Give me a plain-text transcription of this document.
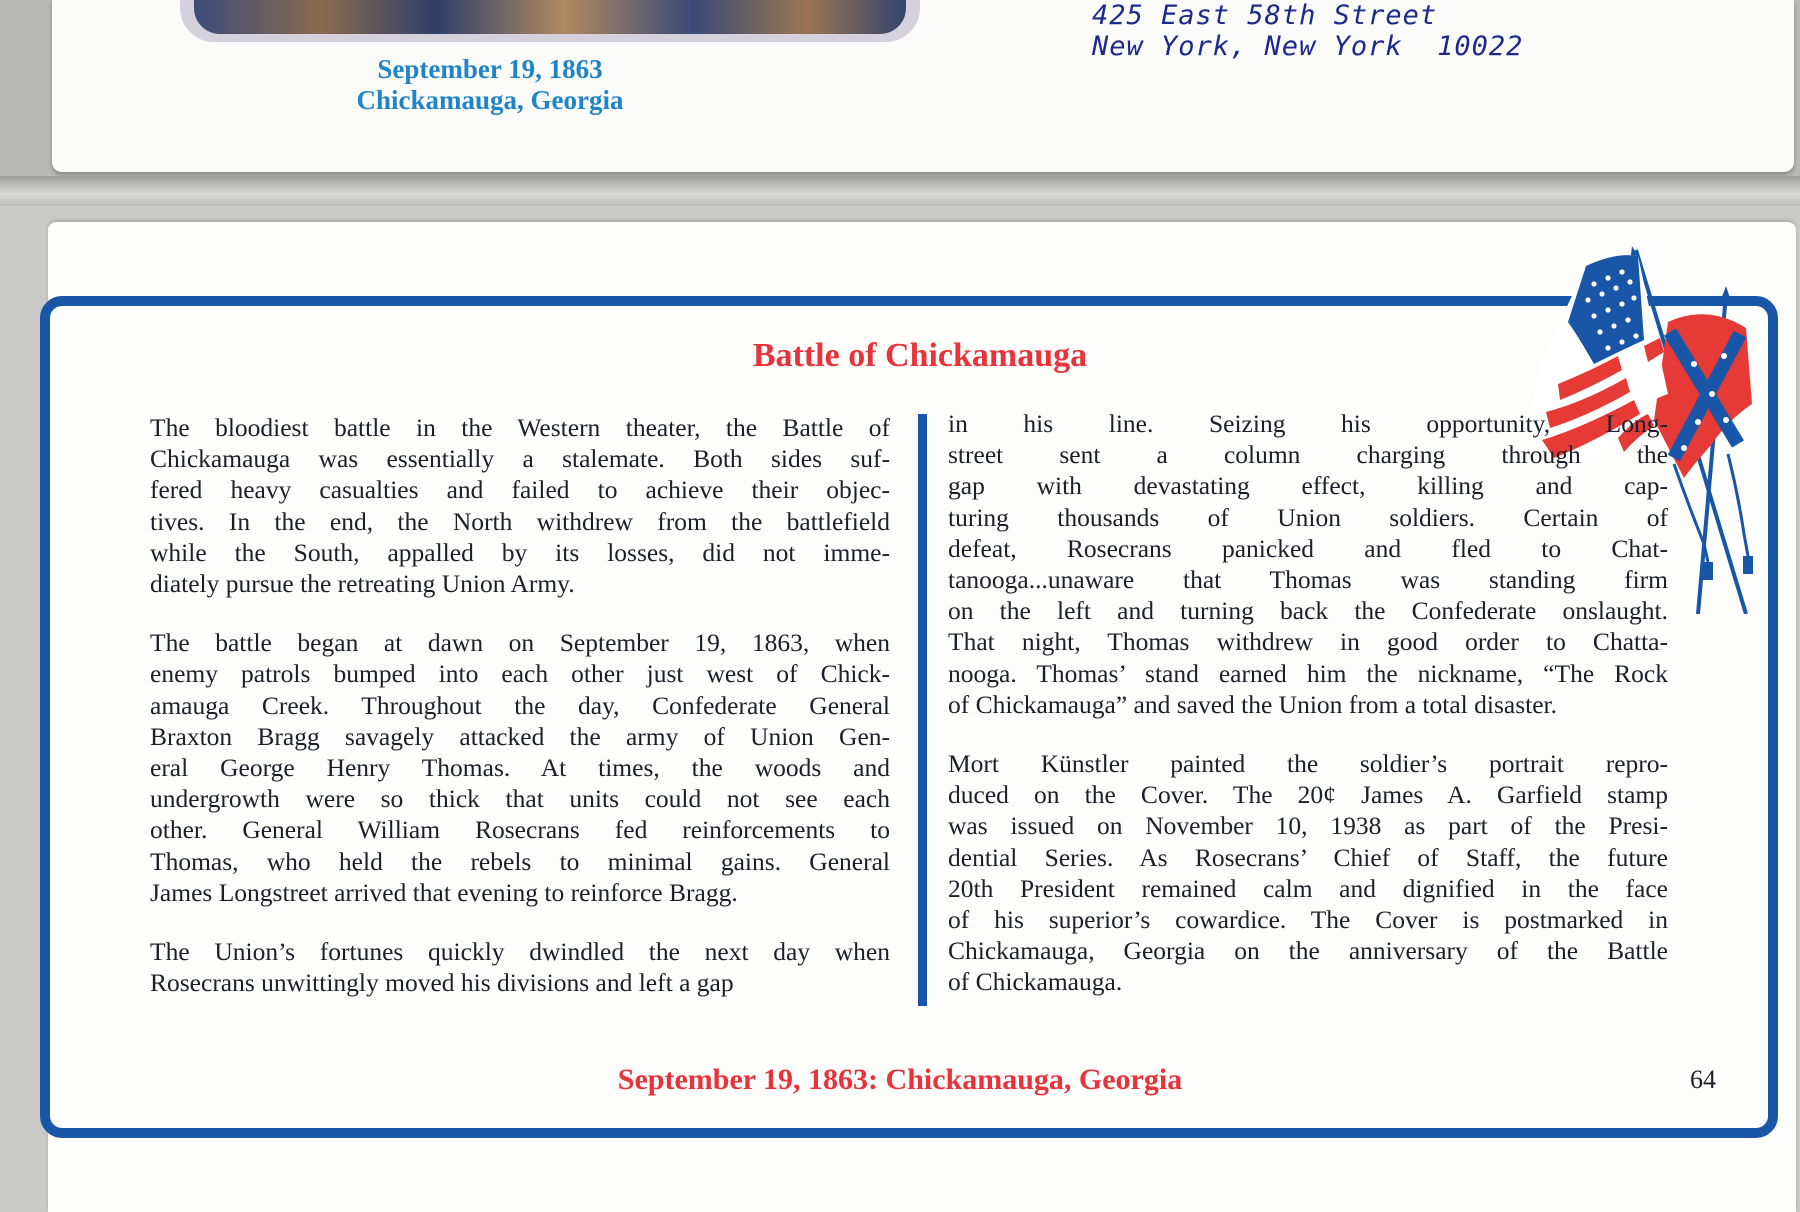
September 19, 1863
Chickamauga, Georgia

425 East 58th Street

New York, New York  10022

Battle of Chickamauga

The bloodiest battle in the Western theater, the Battle of
Chickamauga was essentially a stalemate. Both sides suf-
fered heavy casualties and failed to achieve their objec-
tives. In the end, the North withdrew from the battlefield
while the South, appalled by its losses, did not imme-
diately pursue the retreating Union Army.

The battle began at dawn on September 19, 1863, when
enemy patrols bumped into each other just west of Chick-
amauga Creek. Throughout the day, Confederate General
Braxton Bragg savagely attacked the army of Union Gen-
eral George Henry Thomas. At times, the woods and
undergrowth were so thick that units could not see each
other. General William Rosecrans fed reinforcements to
Thomas, who held the rebels to minimal gains. General
James Longstreet arrived that evening to reinforce Bragg.

The Union’s fortunes quickly dwindled the next day when
Rosecrans unwittingly moved his divisions and left a gap

in his line. Seizing his opportunity, Long-
street sent a column charging through the
gap with devastating effect, killing and cap-
turing thousands of Union soldiers. Certain of
defeat, Rosecrans panicked and fled to Chat-
tanooga...unaware that Thomas was standing firm
on the left and turning back the Confederate onslaught.
That night, Thomas withdrew in good order to Chatta-
nooga. Thomas’ stand earned him the nickname, “The Rock
of Chickamauga” and saved the Union from a total disaster.

Mort Künstler painted the soldier’s portrait repro-
duced on the Cover. The 20¢ James A. Garfield stamp
was issued on November 10, 1938 as part of the Presi-
dential Series. As Rosecrans’ Chief of Staff, the future
20th President remained calm and dignified in the face
of his superior’s cowardice. The Cover is postmarked in
Chickamauga, Georgia on the anniversary of the Battle
of Chickamauga.

September 19, 1863: Chickamauga, Georgia	64
